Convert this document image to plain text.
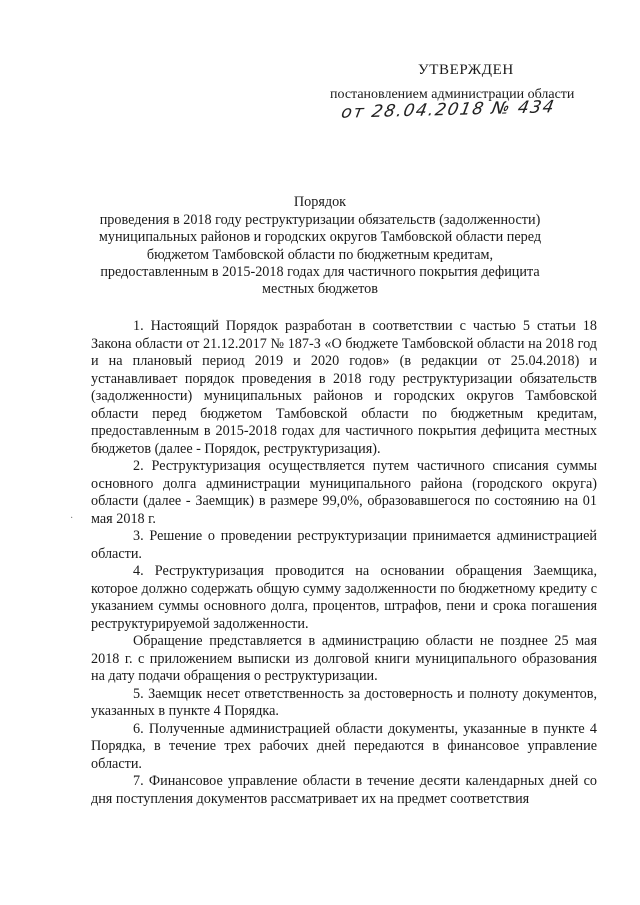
УТВЕРЖДЕН
постановлением администрации области
от 28.04.2018 № 434
Порядок
проведения в 2018 году реструктуризации обязательств (задолженности) муниципальных районов и городских округов Тамбовской области перед бюджетом Тамбовской области по бюджетным кредитам, предоставленным в 2015-2018 годах для частичного покрытия дефицита местных бюджетов
·

1. Настоящий Порядок разработан в соответствии с частью 5 статьи 18 Закона области от 21.12.2017 № 187-З «О бюджете Тамбовской области на 2018 год и на плановый период 2019 и 2020 годов» (в редакции от 25.04.2018) и устанавливает порядок проведения в 2018 году реструктуризации обязательств (задолженности) муниципальных районов и городских округов Тамбовской области перед бюджетом Тамбовской области по бюджетным кредитам, предоставленным в 2015-2018 годах для частичного покрытия дефицита местных бюджетов (далее - Порядок, реструктуризация).

2. Реструктуризация осуществляется путем частичного списания суммы основного долга администрации муниципального района (городского округа) области (далее - Заемщик) в размере 99,0%, образовавшегося по состоянию на 01 мая 2018 г.

3. Решение о проведении реструктуризации принимается администрацией области.

4. Реструктуризация проводится на основании обращения Заемщика, которое должно содержать общую сумму задолженности по бюджетному кредиту с указанием суммы основного долга, процентов, штрафов, пени и срока погашения реструктурируемой задолженности.

Обращение представляется в администрацию области не позднее 25 мая 2018 г. с приложением выписки из долговой книги муниципального образования на дату подачи обращения о реструктуризации.

5. Заемщик несет ответственность за достоверность и полноту документов, указанных в пункте 4 Порядка.

6. Полученные администрацией области документы, указанные в пункте 4 Порядка, в течение трех рабочих дней передаются в финансовое управление области.

7. Финансовое управление области в течение десяти календарных дней со дня поступления документов рассматривает их на предмет соответствия
